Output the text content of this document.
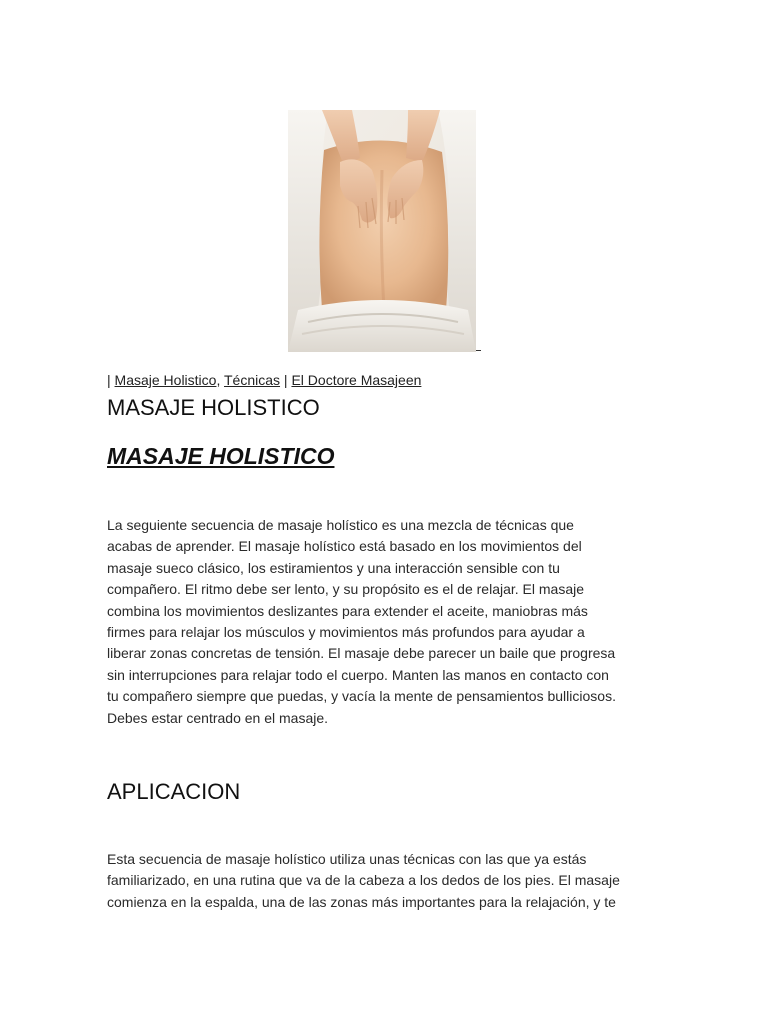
| Masaje Holistico, Técnicas | El Doctore Masajeen
MASAJE HOLISTICO
MASAJE HOLISTICO

La seguiente secuencia de masaje holístico es una mezcla de técnicas que
acabas de aprender. El masaje holístico está basado en los movimientos del
masaje sueco clásico, los estiramientos y una interacción sensible con tu
compañero. El ritmo debe ser lento, y su propósito es el de relajar. El masaje
combina los movimientos deslizantes para extender el aceite, maniobras más
firmes para relajar los músculos y movimientos más profundos para ayudar a
liberar zonas concretas de tensión. El masaje debe parecer un baile que progresa
sin interrupciones para relajar todo el cuerpo. Manten las manos en contacto con
tu compañero siempre que puedas, y vacía la mente de pensamientos bulliciosos.
Debes estar centrado en el masaje.

APLICACION

Esta secuencia de masaje holístico utiliza unas técnicas con las que ya estás
familiarizado, en una rutina que va de la cabeza a los dedos de los pies. El masaje
comienza en la espalda, una de las zonas más importantes para la relajación, y te
